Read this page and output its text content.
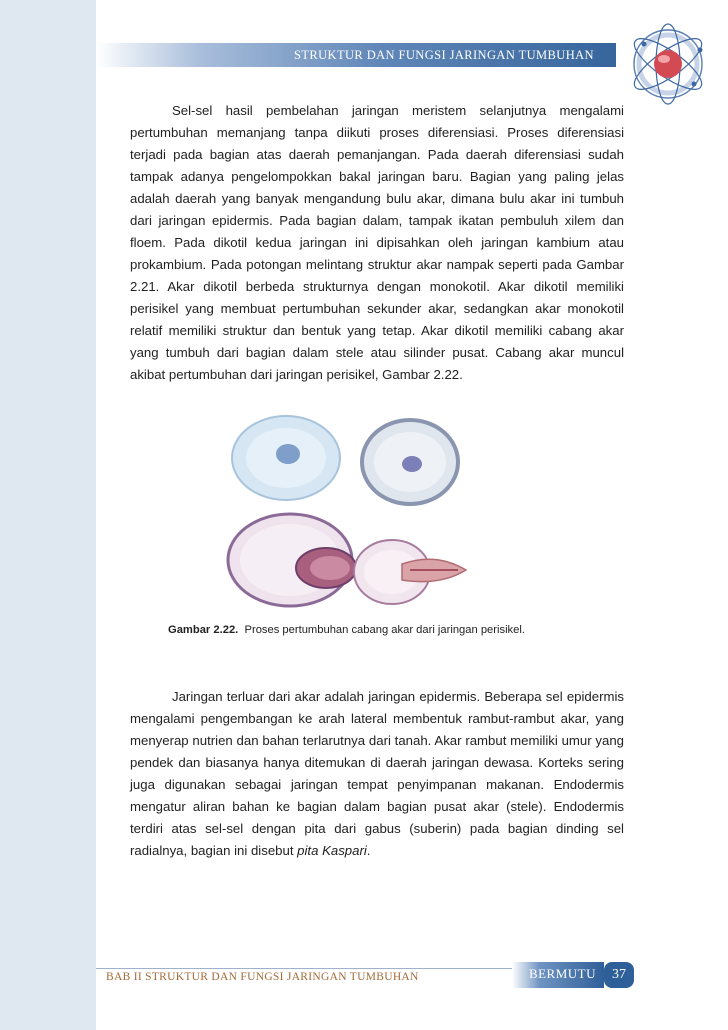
STRUKTUR DAN FUNGSI JARINGAN TUMBUHAN
Sel-sel hasil pembelahan jaringan meristem selanjutnya mengalami pertumbuhan memanjang tanpa diikuti proses diferensiasi. Proses diferensiasi terjadi pada bagian atas daerah pemanjangan. Pada daerah diferensiasi sudah tampak adanya pengelompokkan bakal jaringan baru. Bagian yang paling jelas adalah daerah yang banyak mengandung bulu akar, dimana bulu akar ini tumbuh dari jaringan epidermis. Pada bagian dalam, tampak ikatan pembuluh xilem dan floem. Pada dikotil kedua jaringan ini dipisahkan oleh jaringan kambium atau prokambium. Pada potongan melintang struktur akar nampak seperti pada Gambar 2.21. Akar dikotil berbeda strukturnya dengan monokotil. Akar dikotil memiliki perisikel yang membuat pertumbuhan sekunder akar, sedangkan akar monokotil relatif memiliki struktur dan bentuk yang tetap. Akar dikotil memiliki cabang akar yang tumbuh dari bagian dalam stele atau silinder pusat. Cabang akar muncul akibat pertumbuhan dari jaringan perisikel, Gambar 2.22.
Gambar 2.22. Proses pertumbuhan cabang akar dari jaringan perisikel.
Jaringan terluar dari akar adalah jaringan epidermis. Beberapa sel epidermis mengalami pengembangan ke arah lateral membentuk rambut-rambut akar, yang menyerap nutrien dan bahan terlarutnya dari tanah. Akar rambut memiliki umur yang pendek dan biasanya hanya ditemukan di daerah jaringan dewasa. Korteks sering juga digunakan sebagai jaringan tempat penyimpanan makanan. Endodermis mengatur aliran bahan ke bagian dalam bagian pusat akar (stele). Endodermis terdiri atas sel-sel dengan pita dari gabus (suberin) pada bagian dinding sel radialnya, bagian ini disebut pita Kaspari.
BAB II STRUKTUR DAN FUNGSI JARINGAN TUMBUHAN	BERMUTU	37
